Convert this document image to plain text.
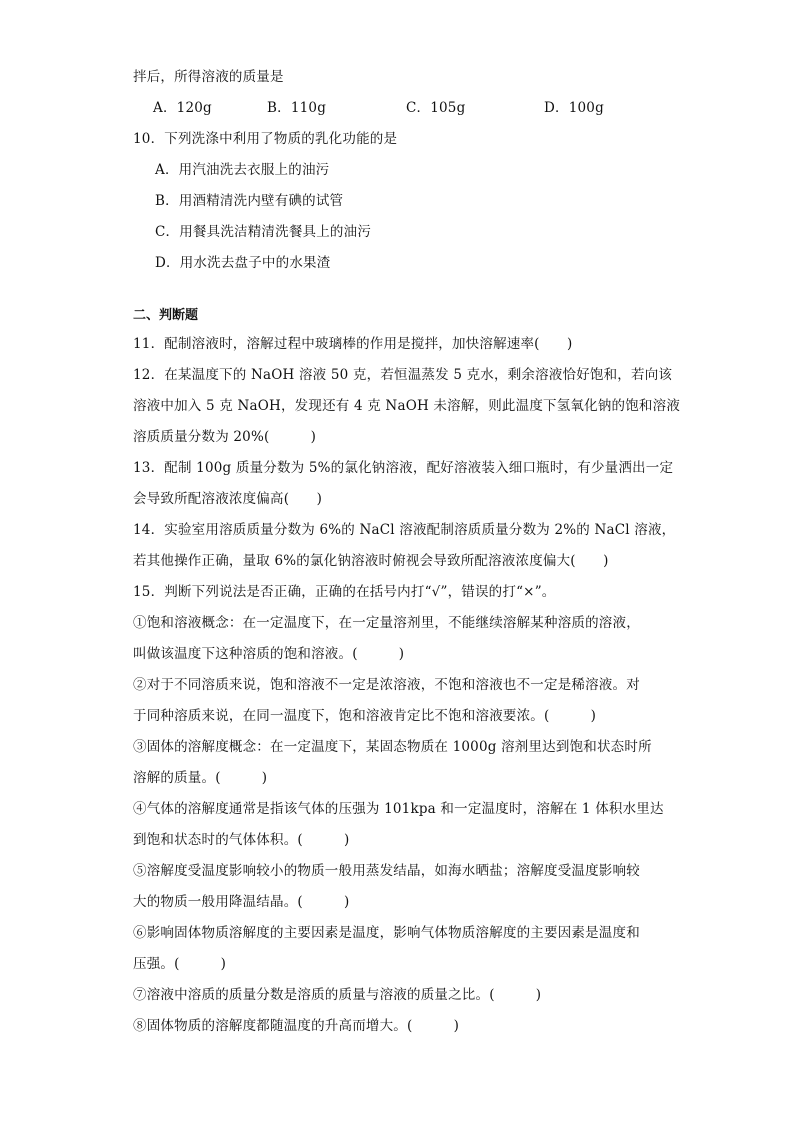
拌后，所得溶液的质量是
A．120g	B．110g	C．105g	D．100g
10．下列洗涤中利用了物质的乳化功能的是
A．用汽油洗去衣服上的油污
B．用酒精清洗内壁有碘的试管
C．用餐具洗洁精清洗餐具上的油污
D．用水洗去盘子中的水果渣
二、判断题
11．配制溶液时，溶解过程中玻璃棒的作用是搅拌，加快溶解速率(　　)
12．在某温度下的 NaOH 溶液 50 克，若恒温蒸发 5 克水，剩余溶液恰好饱和，若向该
溶液中加入 5 克 NaOH，发现还有 4 克 NaOH 未溶解，则此温度下氢氧化钠的饱和溶液
溶质质量分数为 20%(　　　)
13．配制 100g 质量分数为 5%的氯化钠溶液，配好溶液装入细口瓶时，有少量洒出一定
会导致所配溶液浓度偏高(　　)
14．实验室用溶质质量分数为 6%的 NaCl 溶液配制溶质质量分数为 2%的 NaCl 溶液，
若其他操作正确，量取 6%的氯化钠溶液时俯视会导致所配溶液浓度偏大(　　)
15．判断下列说法是否正确，正确的在括号内打“√”，错误的打“×”。
①饱和溶液概念：在一定温度下，在一定量溶剂里，不能继续溶解某种溶质的溶液，
叫做该温度下这种溶质的饱和溶液。(　　　)
②对于不同溶质来说，饱和溶液不一定是浓溶液，不饱和溶液也不一定是稀溶液。对
于同种溶质来说，在同一温度下，饱和溶液肯定比不饱和溶液要浓。(　　　)
③固体的溶解度概念：在一定温度下，某固态物质在 1000g 溶剂里达到饱和状态时所
溶解的质量。(　　　)
④气体的溶解度通常是指该气体的压强为 101kpa 和一定温度时，溶解在 1 体积水里达
到饱和状态时的气体体积。(　　　)
⑤溶解度受温度影响较小的物质一般用蒸发结晶，如海水晒盐；溶解度受温度影响较
大的物质一般用降温结晶。(　　　)
⑥影响固体物质溶解度的主要因素是温度，影响气体物质溶解度的主要因素是温度和
压强。(　　　)
⑦溶液中溶质的质量分数是溶质的质量与溶液的质量之比。(　　　)
⑧固体物质的溶解度都随温度的升高而增大。(　　　)
